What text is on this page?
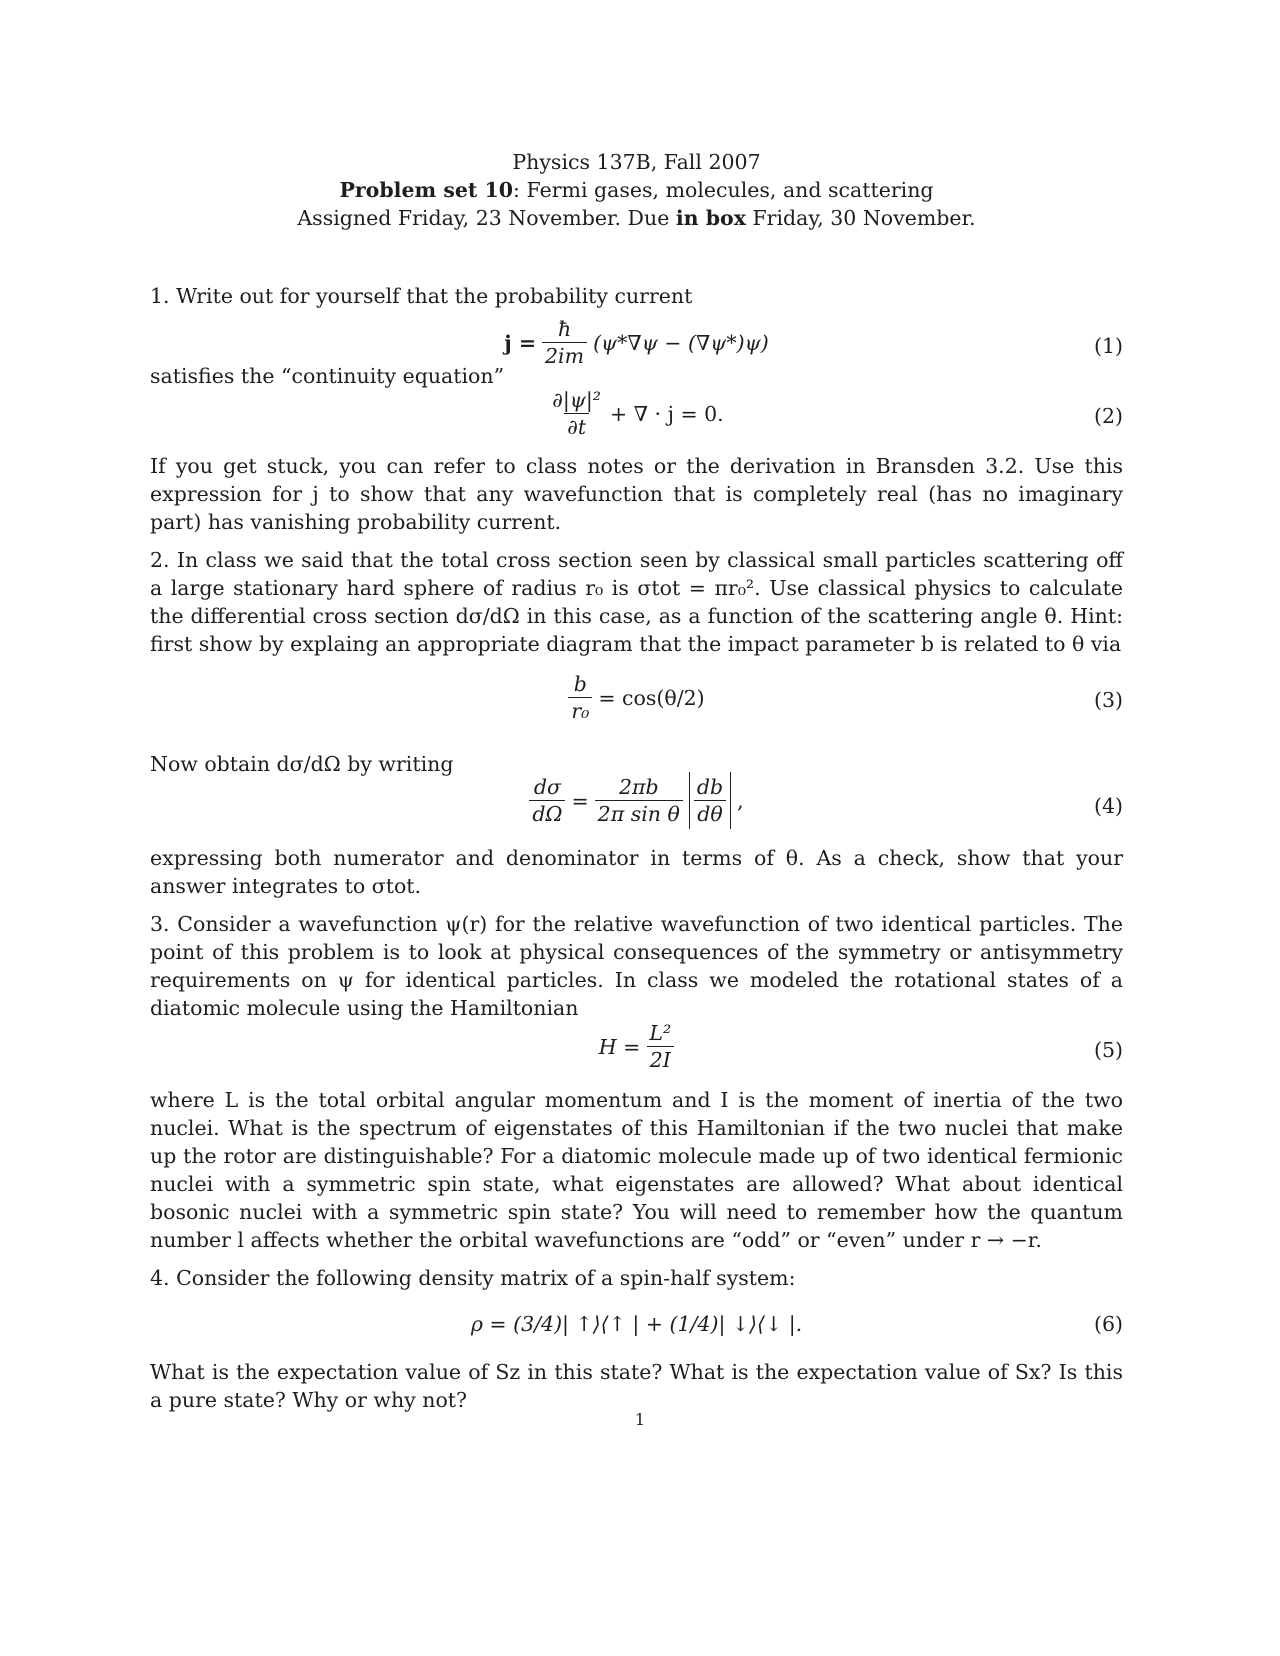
Physics 137B, Fall 2007
Problem set 10: Fermi gases, molecules, and scattering
Assigned Friday, 23 November. Due in box Friday, 30 November.

1. Write out for yourself that the probability current

$j = \frac{ħ}{2im} (\psi*\nabla\psi - (\nabla\psi*)\psi)$	(1)

satisfies the “continuity equation”

$\frac{\text{∂|ψ|²}}{\partial t}$ + ∇ · j = 0.	(2)

If you get stuck, you can refer to class notes or the derivation in Bransden 3.2. Use this expression for j to show that any wavefunction that is completely real (has no imaginary part) has vanishing probability current.

2. In class we said that the total cross section seen by classical small particles scattering off a large stationary hard sphere of radius r₀ is σtot = πr₀². Use classical physics to calculate the differential cross section dσ/dΩ in this case, as a function of the scattering angle θ. Hint: first show by explaing an appropriate diagram that the impact parameter b is related to θ via

$\frac{b}{\text{r₀}} = \cos(\theta/2)$	(3)

Now obtain dσ/dΩ by writing

$\frac{d\sigma}{d\Omega} = \frac{2\pi b}{\text{2π sin θ}} \frac{db}{d\theta}$ ,	(4)

expressing both numerator and denominator in terms of θ. As a check, show that your answer integrates to σtot.

3. Consider a wavefunction ψ(r) for the relative wavefunction of two identical particles. The point of this problem is to look at physical consequences of the symmetry or antisymmetry requirements on ψ for identical particles. In class we modeled the rotational states of a diatomic molecule using the Hamiltonian

$H = \frac{\text{L²}}{2I}$	(5)

where L is the total orbital angular momentum and I is the moment of inertia of the two nuclei. What is the spectrum of eigenstates of this Hamiltonian if the two nuclei that make up the rotor are distinguishable? For a diatomic molecule made up of two identical fermionic nuclei with a symmetric spin state, what eigenstates are allowed? What about identical bosonic nuclei with a symmetric spin state? You will need to remember how the quantum number l affects whether the orbital wavefunctions are “odd” or “even” under r → −r.

4. Consider the following density matrix of a spin-half system:

ρ = (3/4)| ↑⟩⟨↑ | + (1/4)| ↓⟩⟨↓ |.	(6)

What is the expectation value of Sz in this state? What is the expectation value of Sx? Is this a pure state? Why or why not?

1
